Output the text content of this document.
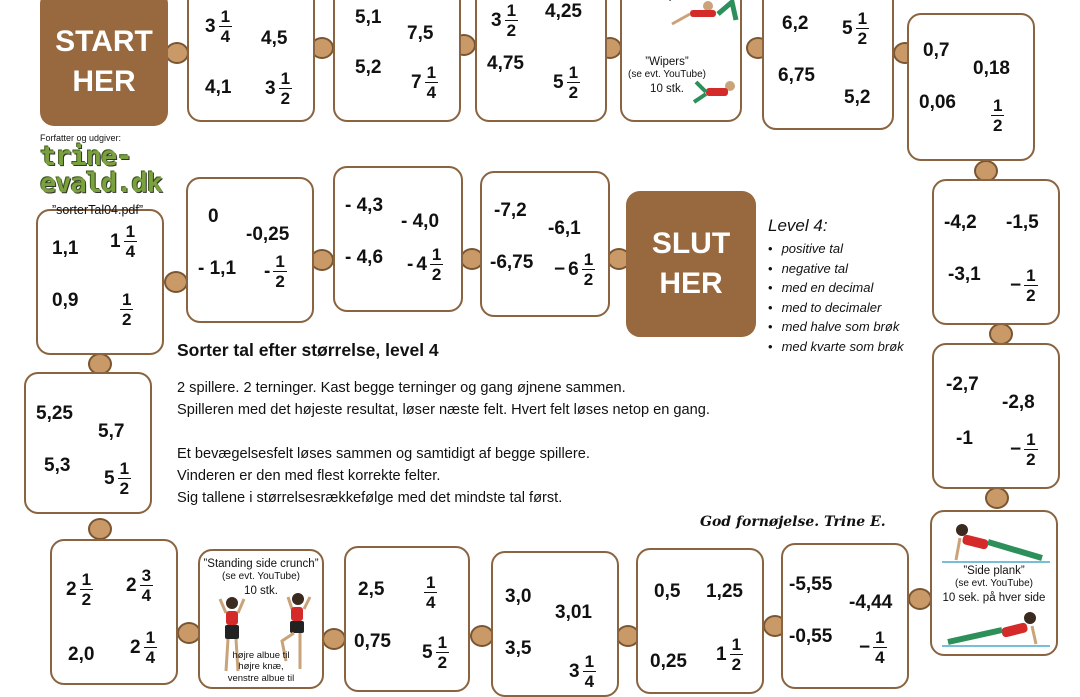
START
HER
SLUT
HER
$3 \frac{1}{4} 4,5$
4,1 $3 \frac{1}{2}$
5,1
7,5
5,2
$7 \frac{1}{4}$
$3 \frac{1}{2} 4,25$
4,75
$5 \frac{1}{2}$
6,2 $5 \frac{1}{2}$
6,75
5,2
0,7
0,18
$0,06 \frac{1}{2}$
1,1 $1 \frac{1}{4}$
$0,9 \frac{1}{2}$
0
-0,25
- $1,1 - \frac{1}{2}$
- 4,3
- 4,0
- $4,6 - 4 \frac{1}{2}$
-7,2
-6,1
$-6,75 - 6 \frac{1}{2}$
-4,2 -1,5
-3,1
− $\frac{1}{2}$
5,25
5,7
5,3
$5 \frac{1}{2}$
-2,7
-2,8
-1
− $\frac{1}{2}$
$2 \frac{1}{2} 2 \frac{3}{4}$
2,0 $2 \frac{1}{4}$
$2,5 \frac{1}{4}$
0,75
$5 \frac{1}{2}$
3,0
3,01
3,5
$3 \frac{1}{4}$
0,5 1,25
0,25 $1 \frac{1}{2}$
-5,55
-4,44
-0,55
− $\frac{1}{4}$
”Wipers”
(se evt. YouTube)
10 stk.
”Standing side crunch”
(se evt. YouTube)
10 stk.
højre albue til
højre knæ,
venstre albue til
”Side plank”
(se evt. YouTube)
10 sek. på hver side
Forfatter og udgiver:
trine-evald.dk
”sorterTal04.pdf”
Level 4:
• positive tal
• negative tal
• med en decimal
• med to decimaler
• med halve som brøk
• med kvarte som brøk
Sorter tal efter størrelse, level 4
2 spillere. 2 terninger. Kast begge terninger og gang øjnene sammen.
Spilleren med det højeste resultat, løser næste felt. Hvert felt løses netop en gang.
Et bevægelsesfelt løses sammen og samtidigt af begge spillere.
Vinderen er den med flest korrekte felter.
Sig tallene i størrelsesrækkefølge med det mindste tal først.
God fornøjelse. Trine E.
